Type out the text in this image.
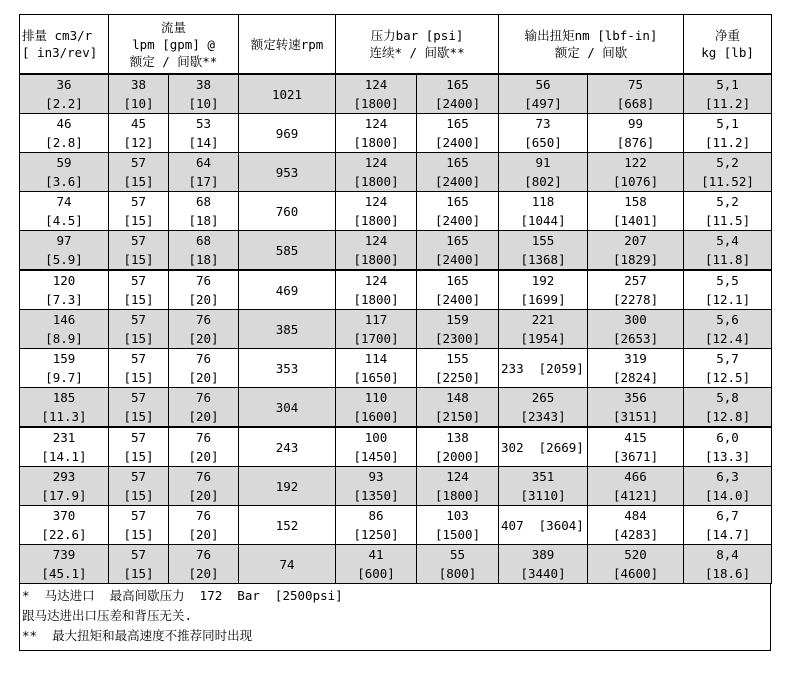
排量 cm3/r
[ in3/rev]	流量
lpm [gpm] @
额定 / 间歇**		额定转速rpm	压力bar [psi]
连续* / 间歇**		输出扭矩nm [lbf-in]
额定 / 间歇		净重
kg [lb]

36
[2.2]	38
[10]	38
[10]	1021	124
[1800]	165
[2400]	56
[497]	75
[668]	5,1
[11.2]

46
[2.8]	45
[12]	53
[14]	969	124
[1800]	165
[2400]	73
[650]	99
[876]	5,1
[11.2]

59
[3.6]	57
[15]	64
[17]	953	124
[1800]	165
[2400]	91
[802]	122
[1076]	5,2
[11.52]

74
[4.5]	57
[15]	68
[18]	760	124
[1800]	165
[2400]	118
[1044]	158
[1401]	5,2
[11.5]

97
[5.9]	57
[15]	68
[18]	585	124
[1800]	165
[2400]	155
[1368]	207
[1829]	5,4
[11.8]

120
[7.3]	57
[15]	76
[20]	469	124
[1800]	165
[2400]	192
[1699]	257
[2278]	5,5
[12.1]

146
[8.9]	57
[15]	76
[20]	385	117
[1700]	159
[2300]	221
[1954]	300
[2653]	5,6
[12.4]

159
[9.7]	57
[15]	76
[20]	353	114
[1650]	155
[2250]	233  [2059]	319
[2824]	5,7
[12.5]

185
[11.3]	57
[15]	76
[20]	304	110
[1600]	148
[2150]	265
[2343]	356
[3151]	5,8
[12.8]

231
[14.1]	57
[15]	76
[20]	243	100
[1450]	138
[2000]	302  [2669]	415
[3671]	6,0
[13.3]

293
[17.9]	57
[15]	76
[20]	192	93
[1350]	124
[1800]	351
[3110]	466
[4121]	6,3
[14.0]

370
[22.6]	57
[15]	76
[20]	152	86
[1250]	103
[1500]	407  [3604]	484
[4283]	6,7
[14.7]

739
[45.1]	57
[15]	76
[20]	74	41
[600]	55
[800]	389
[3440]	520
[4600]	8,4
[18.6]
*  马达进口  最高间歇压力  172  Bar  [2500psi]
跟马达进出口压差和背压无关.
**  最大扭矩和最高速度不推荐同时出现
